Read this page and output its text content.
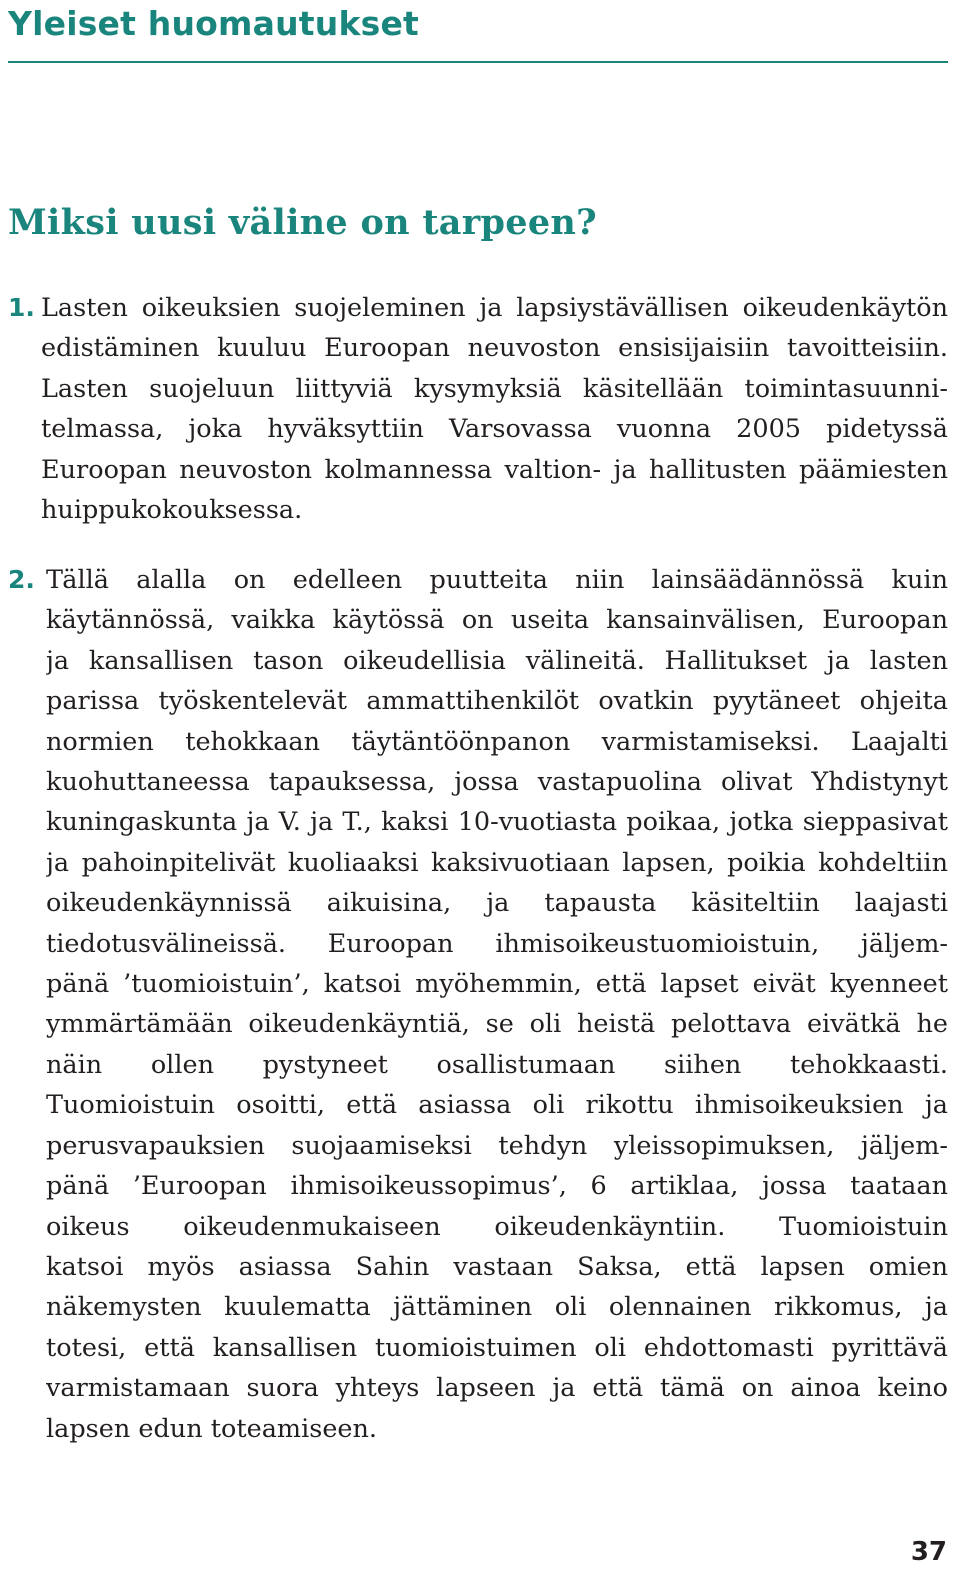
Yleiset huomautukset
Miksi uusi väline on tarpeen?
1. Lasten oikeuksien suojeleminen ja lapsiystävällisen oikeudenkäytön
edistäminen kuuluu Euroopan neuvoston ensisijaisiin tavoitteisiin.
Lasten suojeluun liittyviä kysymyksiä käsitellään toimintasuunni-
telmassa, joka hyväksyttiin Varsovassa vuonna 2005 pidetyssä
Euroopan neuvoston kolmannessa valtion- ja hallitusten päämiesten
huippukokouksessa.
2. Tällä alalla on edelleen puutteita niin lainsäädännössä kuin
käytännössä, vaikka käytössä on useita kansainvälisen, Euroopan
ja kansallisen tason oikeudellisia välineitä. Hallitukset ja lasten
parissa työskentelevät ammattihenkilöt ovatkin pyytäneet ohjeita
normien tehokkaan täytäntöönpanon varmistamiseksi. Laajalti
kuohuttaneessa tapauksessa, jossa vastapuolina olivat Yhdistynyt
kuningaskunta ja V. ja T., kaksi 10-vuotiasta poikaa, jotka sieppasivat
ja pahoinpitelivät kuoliaaksi kaksivuotiaan lapsen, poikia kohdeltiin
oikeudenkäynnissä aikuisina, ja tapausta käsiteltiin laajasti
tiedotusvälineissä. Euroopan ihmisoikeustuomioistuin, jäljem-
pänä ’tuomioistuin’, katsoi myöhemmin, että lapset eivät kyenneet
ymmärtämään oikeudenkäyntiä, se oli heistä pelottava eivätkä he
näin ollen pystyneet osallistumaan siihen tehokkaasti.
Tuomioistuin osoitti, että asiassa oli rikottu ihmisoikeuksien ja
perusvapauksien suojaamiseksi tehdyn yleissopimuksen, jäljem-
pänä ’Euroopan ihmisoikeussopimus’, 6 artiklaa, jossa taataan
oikeus oikeudenmukaiseen oikeudenkäyntiin. Tuomioistuin
katsoi myös asiassa Sahin vastaan Saksa, että lapsen omien
näkemysten kuulematta jättäminen oli olennainen rikkomus, ja
totesi, että kansallisen tuomioistuimen oli ehdottomasti pyrittävä
varmistamaan suora yhteys lapseen ja että tämä on ainoa keino
lapsen edun toteamiseen.

37
